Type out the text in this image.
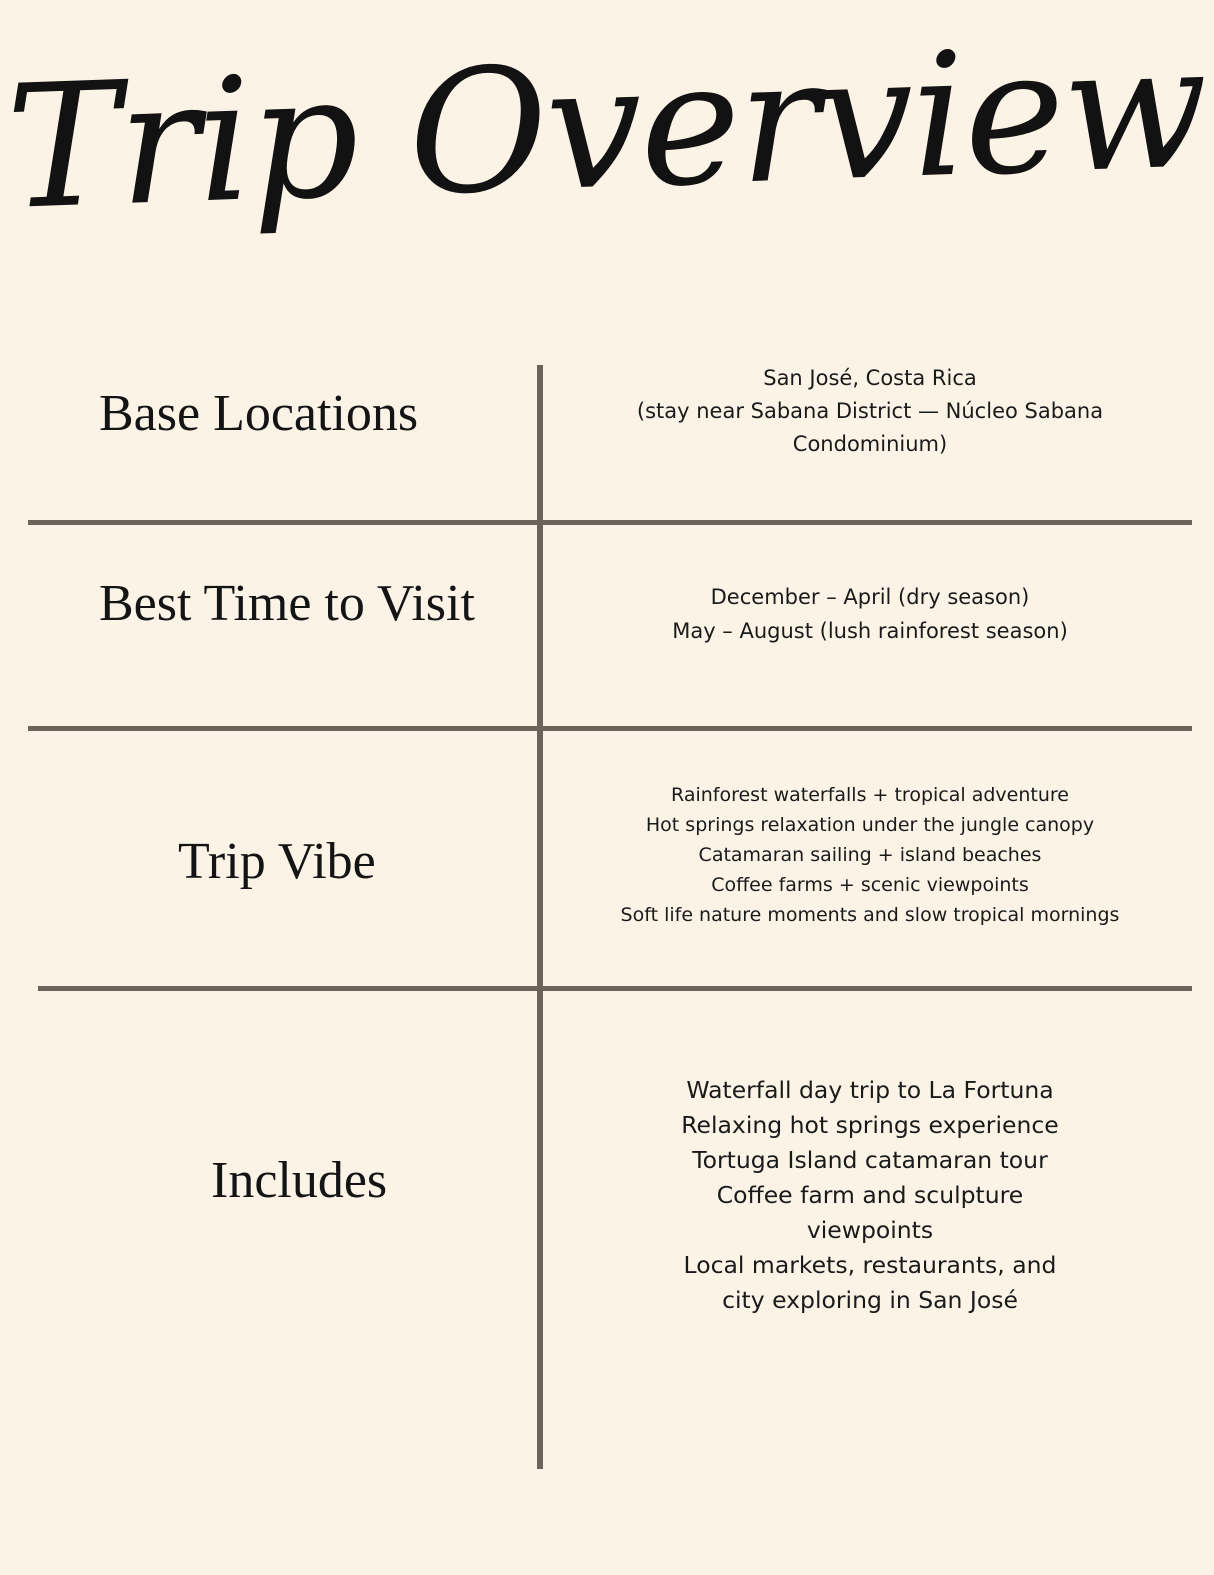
Trip Overview
Base Locations
San José, Costa Rica
(stay near Sabana District — Núcleo Sabana
Condominium)
Best Time to Visit	December – April (dry season)
May – August (lush rainforest season)
Trip Vibe
Rainforest waterfalls + tropical adventure
Hot springs relaxation under the jungle canopy
Catamaran sailing + island beaches
Coffee farms + scenic viewpoints
Soft life nature moments and slow tropical mornings
Includes
Waterfall day trip to La Fortuna
Relaxing hot springs experience
Tortuga Island catamaran tour
Coffee farm and sculpture
viewpoints
Local markets, restaurants, and
city exploring in San José
